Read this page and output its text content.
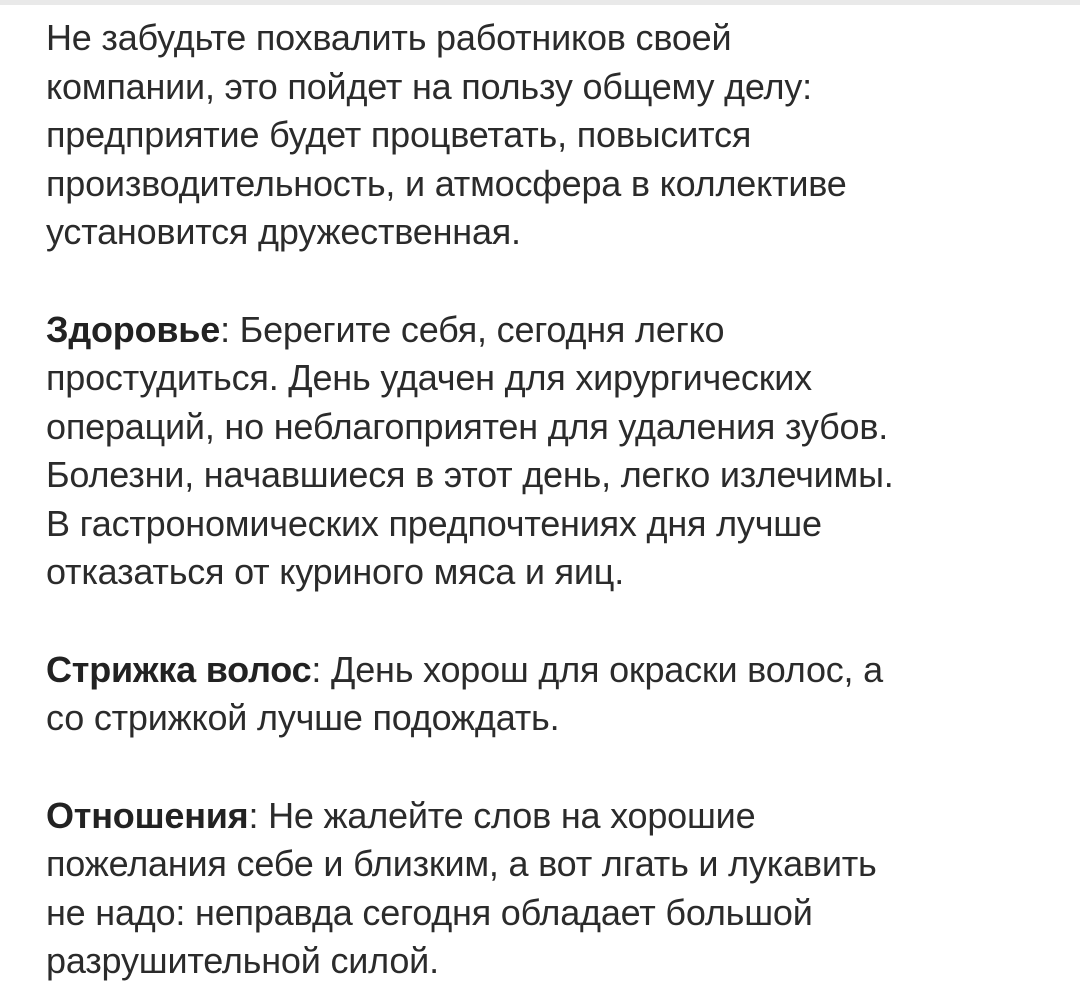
Не забудьте похвалить работников своей
компании, это пойдет на пользу общему делу:
предприятие будет процветать, повысится
производительность, и атмосфера в коллективе
установится дружественная.

Здоровье: Берегите себя, сегодня легко
простудиться. День удачен для хирургических
операций, но неблагоприятен для удаления зубов.
Болезни, начавшиеся в этот день, легко излечимы.
В гастрономических предпочтениях дня лучше
отказаться от куриного мяса и яиц.

Стрижка волос: День хорош для окраски волос, а
со стрижкой лучше подождать.

Отношения: Не жалейте слов на хорошие
пожелания себе и близким, а вот лгать и лукавить
не надо: неправда сегодня обладает большой
разрушительной силой.
